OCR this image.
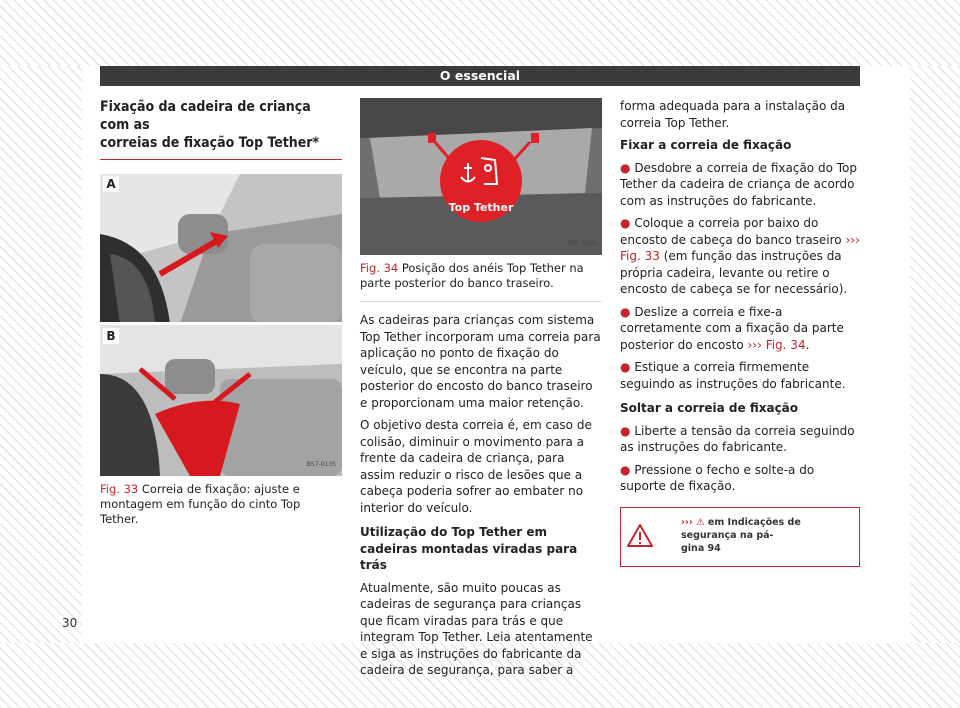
O essencial
Fixação da cadeira de criança com as
correias de fixação Top Tether*
A
B
B57-0135
Fig. 33 Correia de fixação: ajuste e montagem em função do cinto Top Tether.
Top Tether
B6F-0006
Fig. 34 Posição dos anéis Top Tether na parte posterior do banco traseiro.

As cadeiras para crianças com sistema Top Tether incorporam uma correia para aplicação no ponto de fixação do veículo, que se encontra na parte posterior do encosto do banco traseiro e proporcionam uma maior retenção.

O objetivo desta correia é, em caso de colisão, diminuir o movimento para a frente da cadeira de criança, para assim reduzir o risco de lesões que a cabeça poderia sofrer ao embater no interior do veículo.

Utilização do Top Tether em cadeiras montadas viradas para trás

Atualmente, são muito poucas as cadeiras de segurança para crianças que ficam viradas para trás e que integram Top Tether. Leia atentamente e siga as instruções do fabricante da cadeira de segurança, para saber a

forma adequada para a instalação da correia Top Tether.

Fixar a correia de fixação

● Desdobre a correia de fixação do Top Tether da cadeira de criança de acordo com as instruções do fabricante.

● Coloque a correia por baixo do encosto de cabeça do banco traseiro ››› Fig. 33 (em função das instruções da própria cadeira, levante ou retire o encosto de cabeça se for necessário).

● Deslize a correia e fixe-a corretamente com a fixação da parte posterior do encosto ››› Fig. 34.

● Estique a correia firmemente seguindo as instruções do fabricante.

Soltar a correia de fixação

● Liberte a tensão da correia seguindo as instruções do fabricante.

● Pressione o fecho e solte-a do suporte de fixação.

››› ⚠ em Indicações de segurança na pá-
gina 94
30
